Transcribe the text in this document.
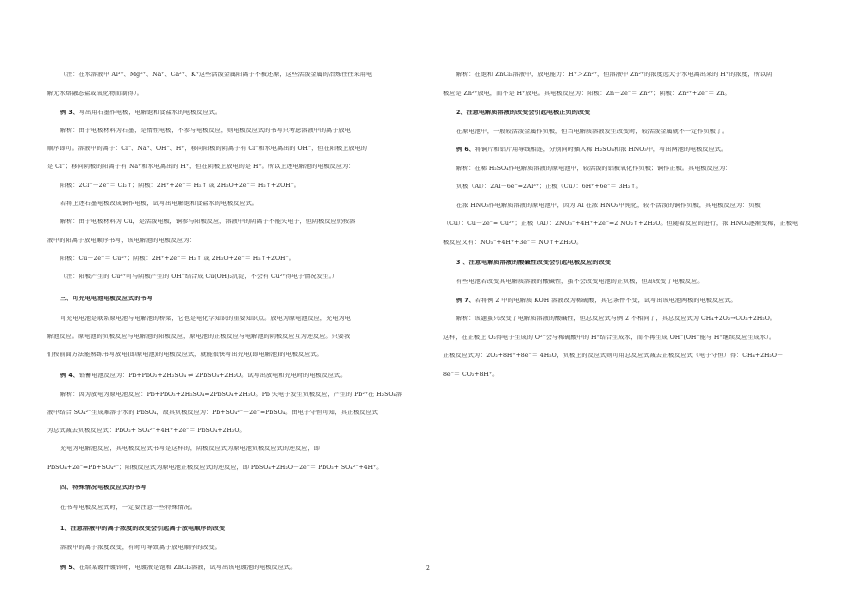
（注：在水溶液中 Al³⁺、Mg²⁺、Na⁺、Ca²⁺、K⁺这些活泼金属阳离子不被还原，这些活泼金属的冶炼往往采用电
解无水熔融态盐或氧化物而制得）。
例 3、写出用石墨作电极，电解饱和食盐水的电极反应式。
解析：由于电极材料为石墨，是惰性电极，不参与电极反应，则电极反应式的书写只考虑溶液中的离子放电
顺序即可。溶液中的离子：Cl⁻、Na⁺、OH⁻、H⁺，移向阳极的阴离子有 Cl⁻和水电离出的 OH⁻，但在阳极上放电的
是 Cl⁻；移向阴极的阳离子有 Na⁺和水电离出的 H⁺，但在阴极上放电的是 H⁺。所以上述电解池的电极反应为：
阳极：2Cl⁻－2e⁻＝ Cl₂↑；阴极：2H⁺+2e⁻＝ H₂↑ 或 2H₂O+2e⁻＝ H₂↑+2OH⁻。
若将上述石墨电极改成铜作电极，试写出电解饱和食盐水的电极反应式。
解析：由于电极材料为 Cu，是活泼电极，铜参与阳极反应，溶液中的阴离子不能失电子，但阴极反应仍按溶
液中的阳离子放电顺序书写，该电解池的电极反应为：
阳极：Cu－2e⁻＝ Cu²⁺；阴极：2H⁺+2e⁻＝ H₂↑ 或 2H₂O+2e⁻＝ H₂↑+2OH⁻。
（注：阳极产生的 Cu²⁺可与阴极产生的 OH⁻结合成 Cu(OH)₂沉淀，不会有 Cu²⁺得电子情况发生。）
三、可充电电池电极反应式的书写
可充电电池是联系原电池与电解池的桥梁，它也是电化学知识的重要知识点。放电为原电池反应，充电为电
解池反应。原电池的负极反应与电解池的阳极反应，原电池的正极反应与电解池的阴极反应互为逆反应。只要我
们按前面方法能熟练书写放电(即原电池)的电极反应式，就能很快写出充电(即电解池)的电极反应式。
例 4、铅蓄电池反应为：Pb+PbO₂+2H₂SO₄ ⇌ 2PbSO₄+2H₂O。试写出放电和充电时的电极反应式。
解析：因为放电为原电池反应：Pb+PbO₂+2H₂SO₄=2PbSO₄+2H₂O。Pb 失电子发生负极反应，产生的 Pb²⁺在 H₂SO₄溶
液中结合 SO₄²⁻生成难溶于水的 PbSO₄，故其负极反应为：Pb+SO₄²⁻－2e⁻=PbSO₄。由电子守恒可知，其正极反应式
为总式减去负极反应式：PbO₂+ SO₄²⁻+4H⁺+2e⁻＝ PbSO₄+2H₂O。
充电为电解池反应，其电极反应式书写是这样的，阴极反应式为原电池负极反应式的逆反应，即
PbSO₄+2e⁻=Pb+SO₄²⁻；阳极反应式为原电池正极反应式的逆反应，即 PbSO₄+2H₂O－2e⁻＝ PbO₂+ SO₄²⁻+4H⁺。
四、特殊情况电极反应式的书写
在书写电极反应式时，一定要注意一些特殊情况。
1、注意溶液中的离子浓度的改变会引起离子放电顺序的改变
溶液中的离子浓度改变，有时可导致离子放电顺序的改变。
例 5、在给某镀件镀锌时，电镀液是饱和 ZnCl₂溶液，试写出该电镀池的电极反应式。
解析：在饱和 ZnCl₂溶液中，放电能力：H⁺＞Zn²⁺，但溶液中 Zn²⁺的浓度远大于水电离出来的 H⁺的浓度，所以阴
极应是 Zn²⁺放电，而不是 H⁺放电。其电极反应为：阳极：Zn－2e⁻＝ Zn²⁺；阴极：Zn²⁺+2e⁻＝ Zn。
2、注意电解质溶液的改变会引起电极正负的改变
在原电池中，一般较活泼金属作负极，但当电解质溶液发生改变时，较活泼金属就不一定作负极了。
例 6、将铜片和铝片用导线相连，分别同时插入稀 H₂SO₄和浓 HNO₃中，写出两池的电极反应式。
解析：在稀 H₂SO₄作电解质溶液的原电池中，较活泼的铝被氧化作负极；铜作正极。其电极反应为：
负极（Al）：2Al－6e⁻=2Al³⁺；正极（Cu）：6H⁺+6e⁻＝ 3H₂↑。
在浓 HNO₃作电解质溶液的原电池中，因为 Al 在浓 HNO₃中钝化，较不活泼的铜作负极，其电极反应为：负极
（Cu）：Cu－2e⁻= Cu²⁺；正极（Al）：2NO₃⁻+4H⁺+2e⁻=2 NO₂↑+2H₂O。但随着反应的进行，浓 HNO₃逐渐变稀，正极电
极反应又有：NO₃⁻+4H⁺+3e⁻＝ NO↑+2H₂O。
3 、注意电解质溶液的酸碱性改变会引起电极反应的改变
有些电池若改变其电解质溶液的酸碱性，虽不会改变电池的正负极，但却改变了电极反应。
例 7、若将例 2 中的电解质 KOH 溶液改为稀硫酸，其它条件不变，试写出该电池两极的电极反应式。
解析：该题虽只改变了电解质溶液的酸碱性，但总反应式与例 2 不相同了，其总反应式为 CH₄+2O₂→CO₂+2H₂O。
这样，在正极上 O₂得电子生成的 O²⁻会与稀硫酸中的 H⁺结合生成水，而不再生成 OH⁻(OH⁻能与 H⁺继续反应生成水）。
正极反应式为：2O₂+8H⁺+8e⁻＝ 4H₂O，负极上的反应式则可用总反应式减去正极反应式（电子守恒）得：CH₄+2H₂O－
8e⁻＝ CO₂+8H⁺。
2
